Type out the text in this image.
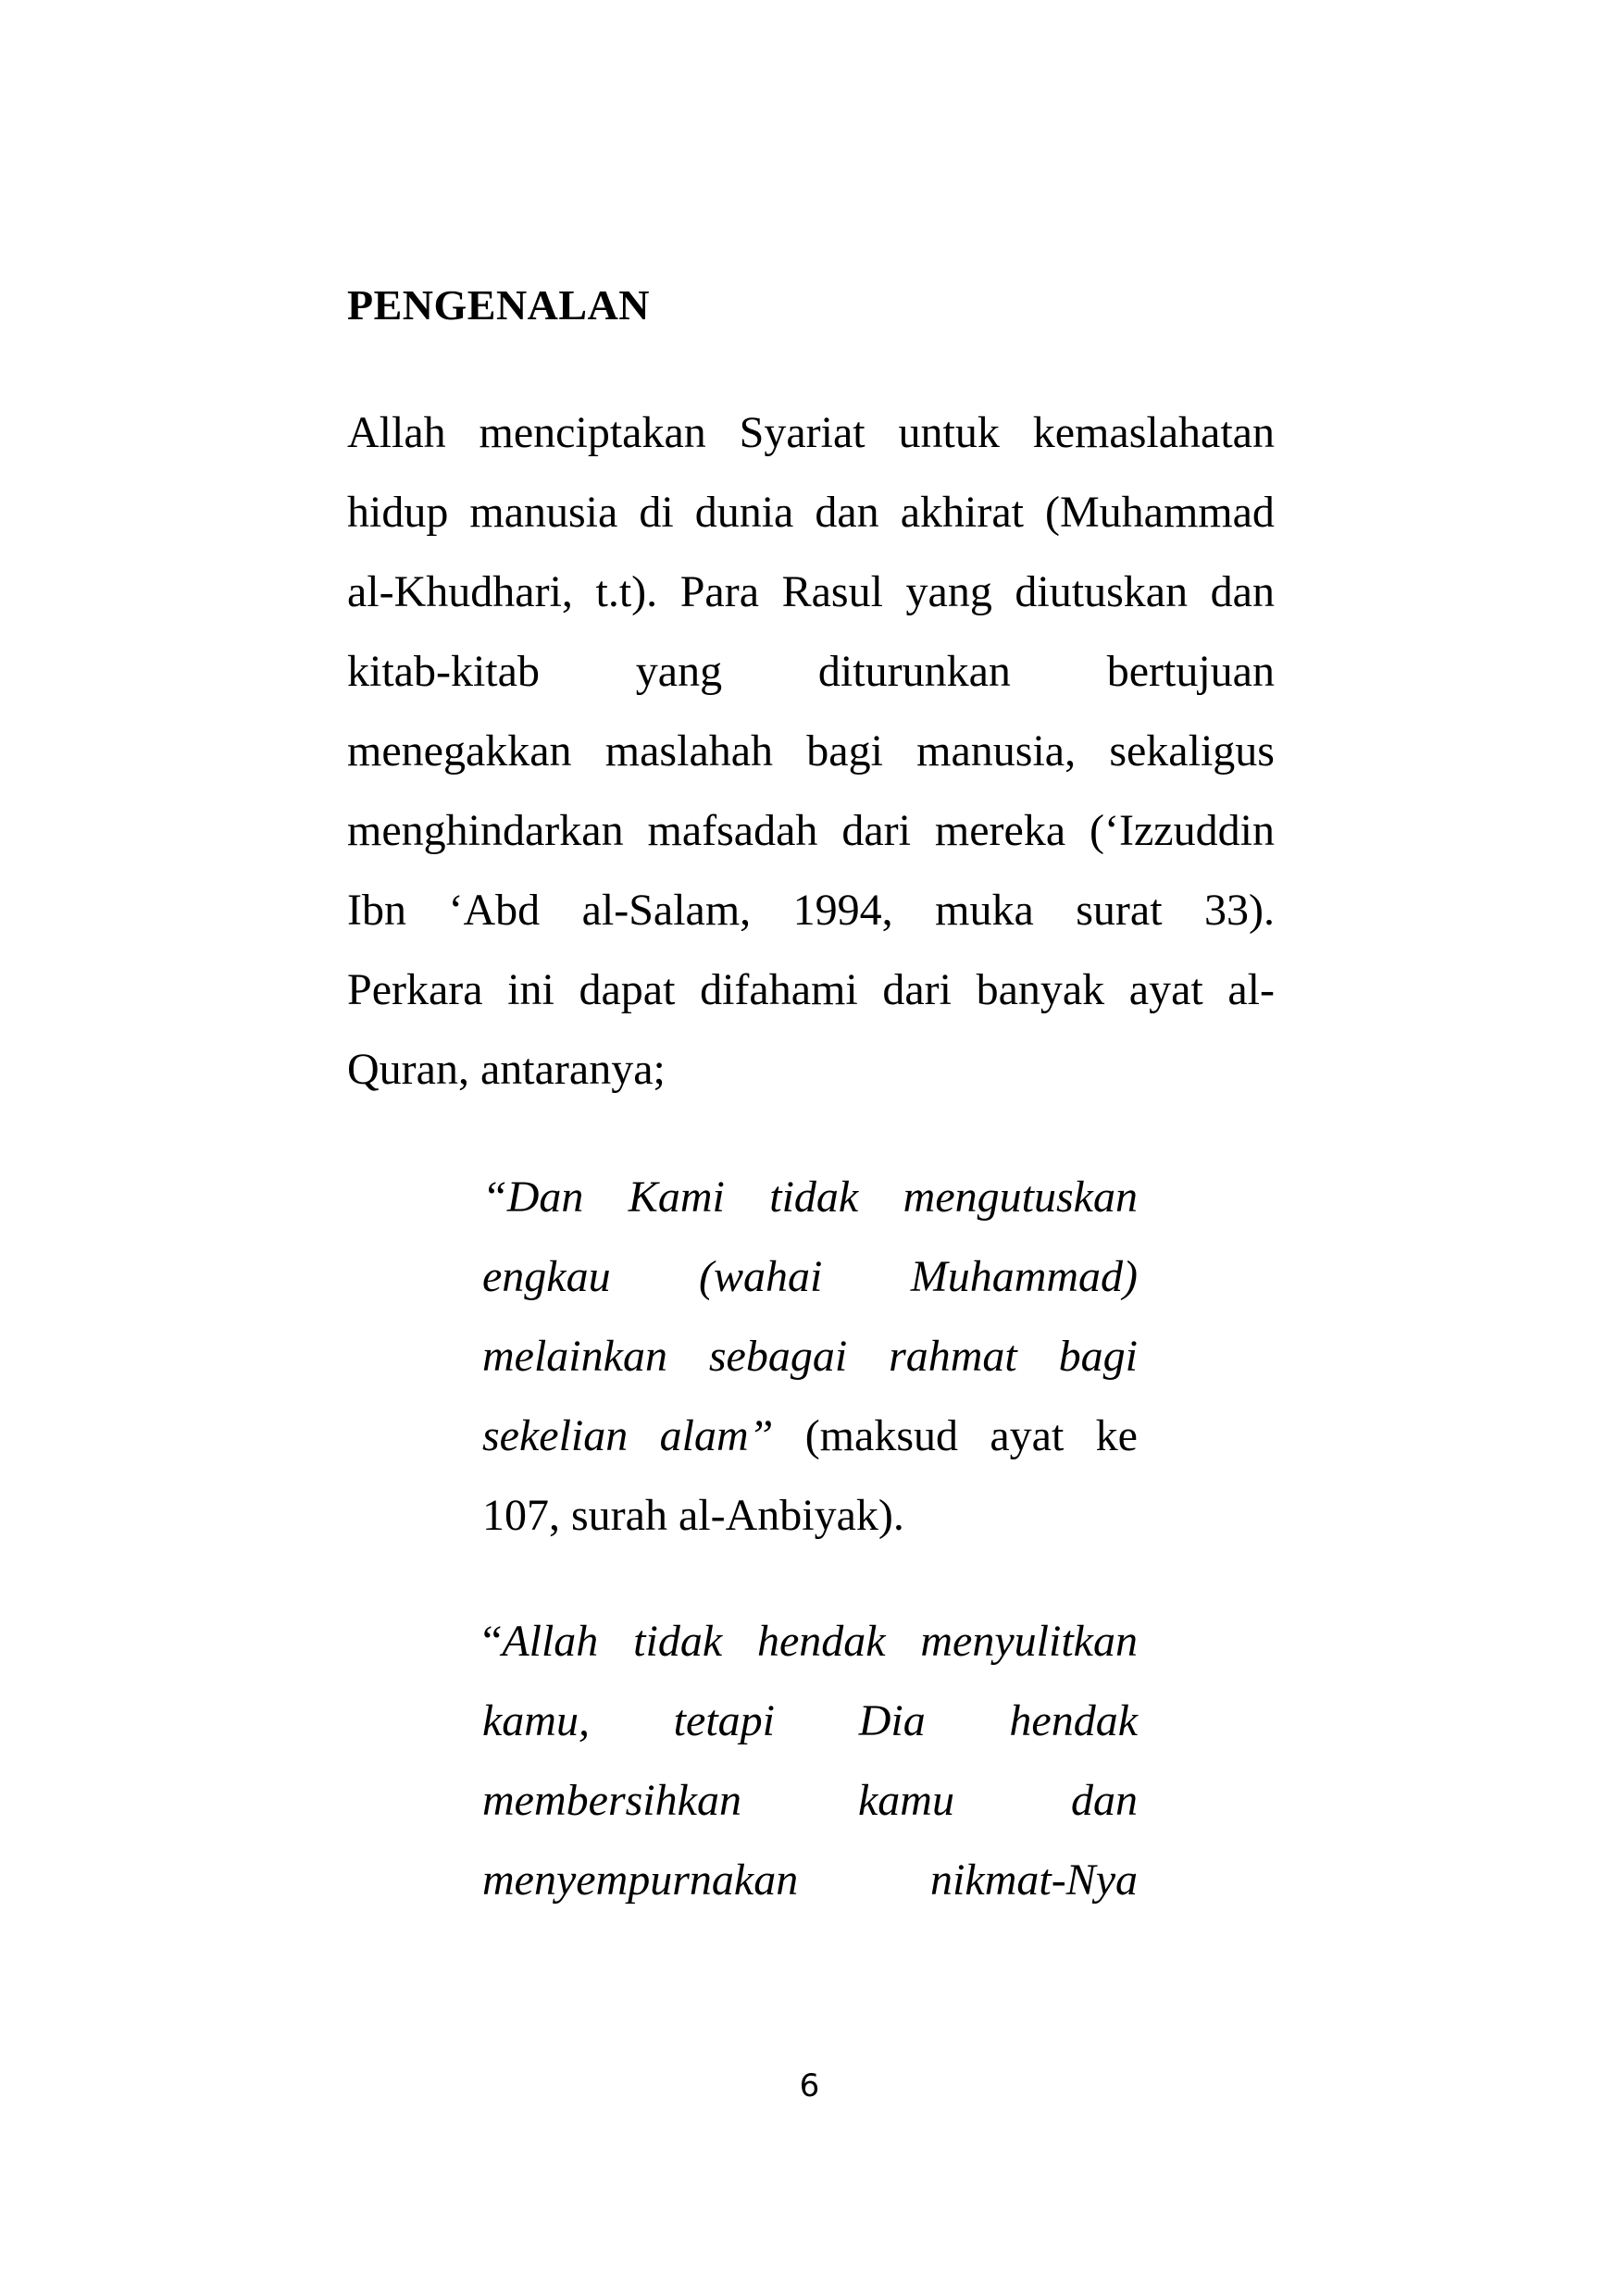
PENGENALAN

Allah menciptakan Syariat untuk kemaslahatan

hidup manusia di dunia dan akhirat (Muhammad

al-Khudhari, t.t). Para Rasul yang diutuskan dan

kitab-kitab yang diturunkan bertujuan

menegakkan maslahah bagi manusia, sekaligus

menghindarkan mafsadah dari mereka (‘Izzuddin

Ibn ‘Abd al-Salam, 1994, muka surat 33).

Perkara ini dapat difahami dari banyak ayat al-

Quran, antaranya;

“Dan Kami tidak mengutuskan

engkau (wahai Muhammad)

melainkan sebagai rahmat bagi

sekelian alam” (maksud ayat ke

107, surah al-Anbiyak).

“Allah tidak hendak menyulitkan

kamu, tetapi Dia hendak

membersihkan	kamu	dan

menyempurnakan	nikmat-Nya

6
